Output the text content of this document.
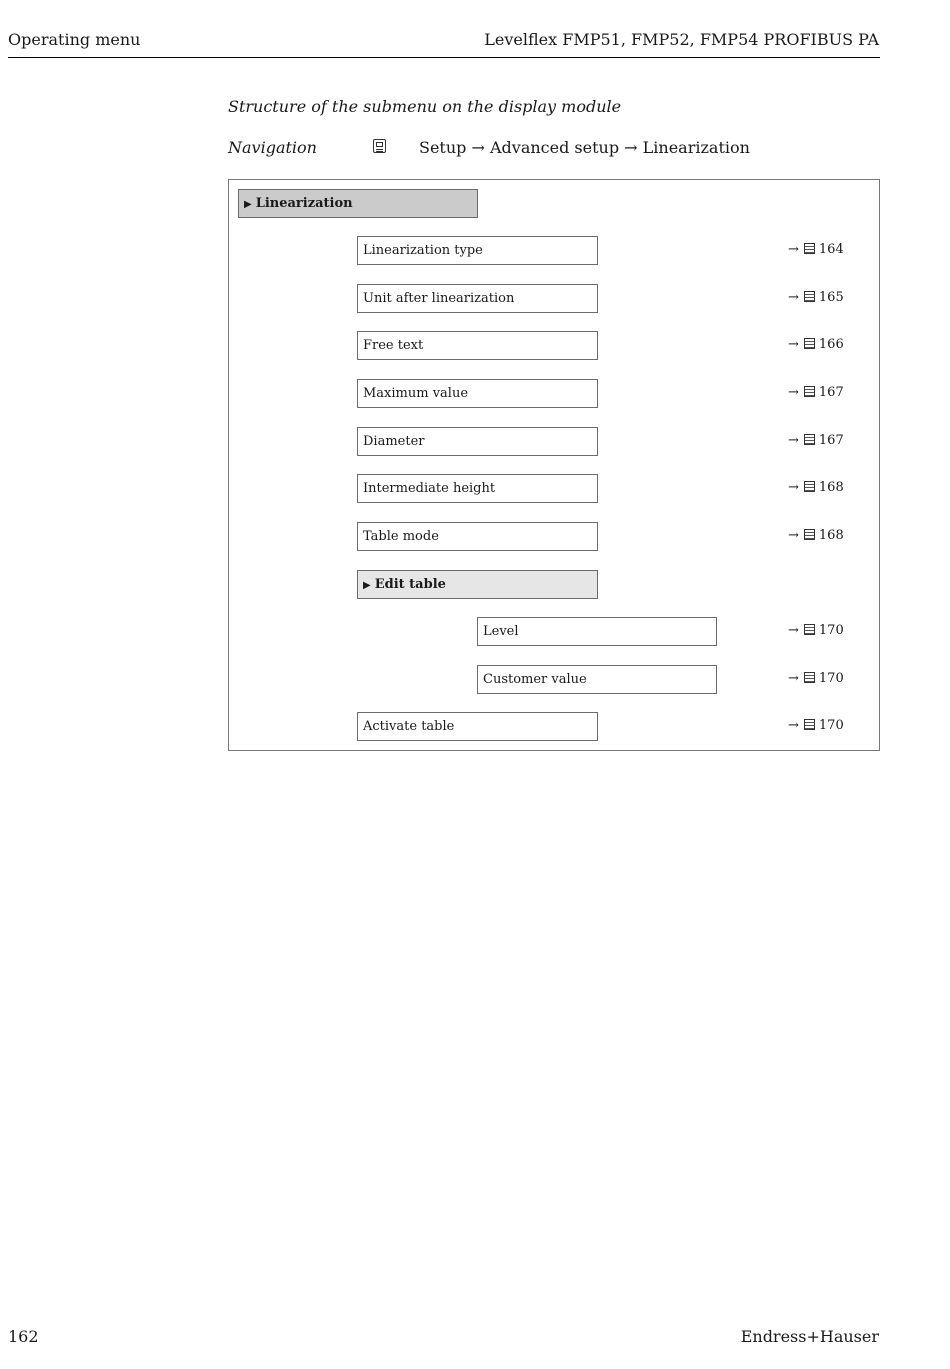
Operating menu	Levelflex FMP51, FMP52, FMP54 PROFIBUS PA
Structure of the submenu on the display module
Navigation	Setup → Advanced setup → Linearization
▶ Linearization
Linearization type	→ 164
Unit after linearization	→ 165
Free text	→ 166
Maximum value	→ 167
Diameter	→ 167
Intermediate height	→ 168
Table mode	→ 168
▶ Edit table
Level	→ 170
Customer value	→ 170
Activate table	→ 170
162	Endress+Hauser
